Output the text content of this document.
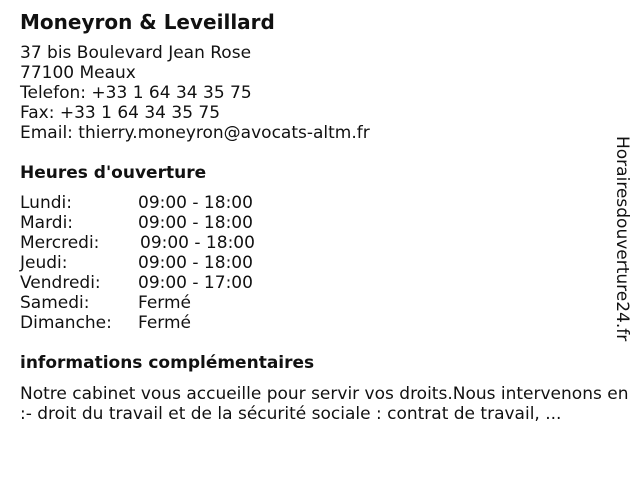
Moneyron & Leveillard
37 bis Boulevard Jean Rose
77100 Meaux
Telefon: +33 1 64 34 35 75
Fax: +33 1 64 34 35 75
Email: thierry.moneyron@avocats-altm.fr
Heures d'ouverture
Lundi:	09:00 - 18:00
Mardi:	09:00 - 18:00
Mercredi: 09:00 - 18:00
Jeudi:	09:00 - 18:00
Vendredi: 09:00 - 17:00
Samedi:	Fermé
Dimanche: Fermé
informations complémentaires
Notre cabinet vous accueille pour servir vos droits.Nous intervenons en :- droit du travail et de la sécurité sociale : contrat de travail, ...
Horairesdouverture24.fr
